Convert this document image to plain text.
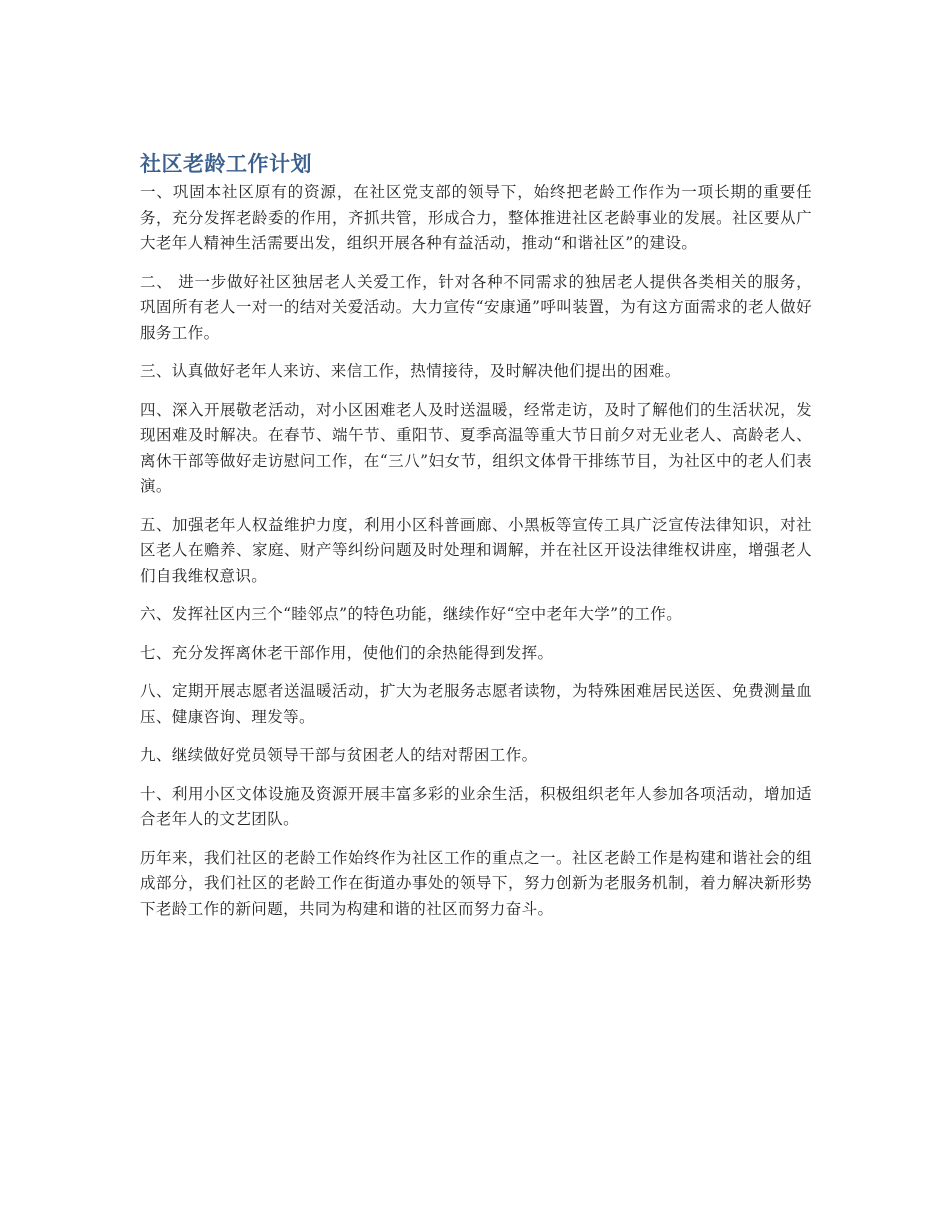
社区老龄工作计划

一、巩固本社区原有的资源，在社区党支部的领导下，始终把老龄工作作为一项长期的重要任务，充分发挥老龄委的作用，齐抓共管，形成合力，整体推进社区老龄事业的发展。社区要从广大老年人精神生活需要出发，组织开展各种有益活动，推动“和谐社区”的建设。

二、 进一步做好社区独居老人关爱工作，针对各种不同需求的独居老人提供各类相关的服务，巩固所有老人一对一的结对关爱活动。大力宣传“安康通”呼叫装置，为有这方面需求的老人做好服务工作。

三、认真做好老年人来访、来信工作，热情接待，及时解决他们提出的困难。

四、深入开展敬老活动，对小区困难老人及时送温暖，经常走访，及时了解他们的生活状况，发现困难及时解决。在春节、端午节、重阳节、夏季高温等重大节日前夕对无业老人、高龄老人、离休干部等做好走访慰问工作，在“三八”妇女节，组织文体骨干排练节目，为社区中的老人们表演。

五、加强老年人权益维护力度，利用小区科普画廊、小黑板等宣传工具广泛宣传法律知识，对社区老人在赡养、家庭、财产等纠纷问题及时处理和调解，并在社区开设法律维权讲座，增强老人们自我维权意识。

六、发挥社区内三个“睦邻点”的特色功能，继续作好“空中老年大学”的工作。

七、充分发挥离休老干部作用，使他们的余热能得到发挥。

八、定期开展志愿者送温暖活动，扩大为老服务志愿者读物，为特殊困难居民送医、免费测量血压、健康咨询、理发等。

九、继续做好党员领导干部与贫困老人的结对帮困工作。

十、利用小区文体设施及资源开展丰富多彩的业余生活，积极组织老年人参加各项活动，增加适合老年人的文艺团队。

历年来，我们社区的老龄工作始终作为社区工作的重点之一。社区老龄工作是构建和谐社会的组成部分，我们社区的老龄工作在街道办事处的领导下，努力创新为老服务机制，着力解决新形势下老龄工作的新问题，共同为构建和谐的社区而努力奋斗。
